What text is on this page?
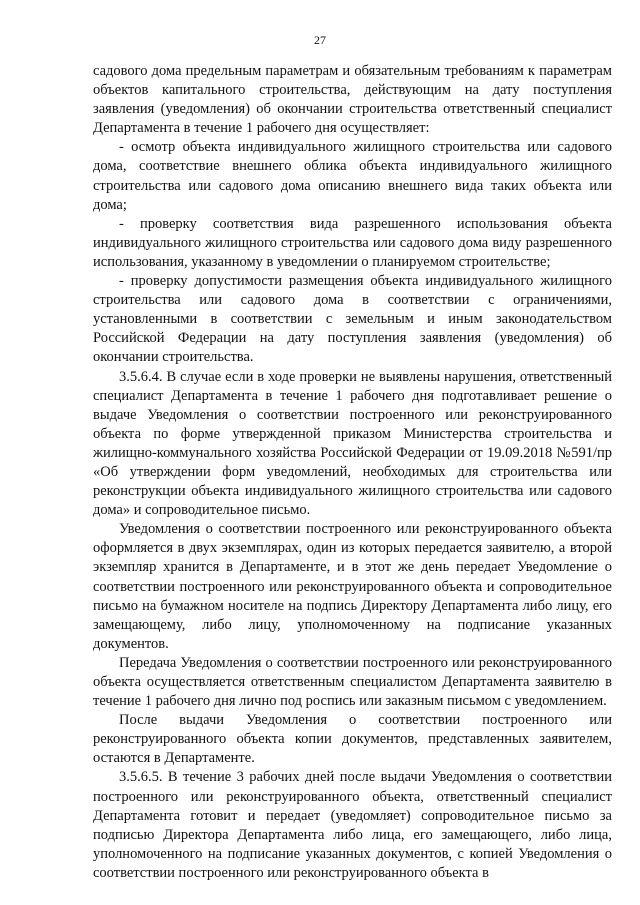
27

садового дома предельным параметрам и обязательным требованиям к параметрам объектов капитального строительства, действующим на дату поступления заявления (уведомления) об окончании строительства ответственный специалист Департамента в течение 1 рабочего дня осуществляет:

- осмотр объекта индивидуального жилищного строительства или садового дома, соответствие внешнего облика объекта индивидуального жилищного строительства или садового дома описанию внешнего вида таких объекта или дома;

- проверку соответствия вида разрешенного использования объекта индивидуального жилищного строительства или садового дома виду разрешенного использования, указанному в уведомлении о планируемом строительстве;

- проверку допустимости размещения объекта индивидуального жилищного строительства или садового дома в соответствии с ограничениями, установленными в соответствии с земельным и иным законодательством Российской Федерации на дату поступления заявления (уведомления) об окончании строительства.

3.5.6.4. В случае если в ходе проверки не выявлены нарушения, ответственный специалист Департамента в течение 1 рабочего дня подготавливает решение о выдаче Уведомления о соответствии построенного или реконструированного объекта по форме утвержденной приказом Министерства строительства и жилищно-коммунального хозяйства Российской Федерации от 19.09.2018 №591/пр «Об утверждении форм уведомлений, необходимых для строительства или реконструкции объекта индивидуального жилищного строительства или садового дома» и сопроводительное письмо.

Уведомления о соответствии построенного или реконструированного объекта оформляется в двух экземплярах, один из которых передается заявителю, а второй экземпляр хранится в Департаменте, и в этот же день передает Уведомление о соответствии построенного или реконструированного объекта и сопроводительное письмо на бумажном носителе на подпись Директору Департамента либо лицу, его замещающему, либо лицу, уполномоченному на подписание указанных документов.

Передача Уведомления о соответствии построенного или реконструированного объекта осуществляется ответственным специалистом Департамента заявителю в течение 1 рабочего дня лично под роспись или заказным письмом с уведомлением.

После выдачи Уведомления о соответствии построенного или реконструированного объекта копии документов, представленных заявителем, остаются в Департаменте.

3.5.6.5. В течение 3 рабочих дней после выдачи Уведомления о соответствии построенного или реконструированного объекта, ответственный специалист Департамента готовит и передает (уведомляет) сопроводительное письмо за подписью Директора Департамента либо лица, его замещающего, либо лица, уполномоченного на подписание указанных документов, с копией Уведомления о соответствии построенного или реконструированного объекта в
